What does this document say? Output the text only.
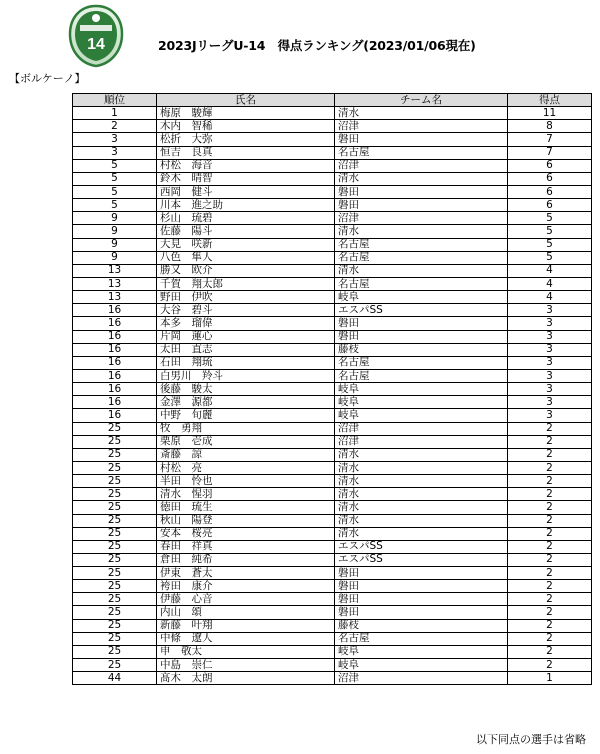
14	2023JリーグU-14　得点ランキング(2023/01/06現在)
【ボルケーノ】
順位	氏名	チーム名	得点
1	梅原　駿輝	清水	11
2	木内　智稀	沼津	8
3	松折　大弥	磐田	7
3	恒吉　良真	名古屋	7
5	村松　海音	沼津	6
5	鈴木　晴智	清水	6
5	西岡　健斗	磐田	6
5	川本　進之助	磐田	6
9	杉山　琉碧	沼津	5
9	佐藤　陽斗	清水	5
9	大見　咲新	名古屋	5
9	八色　隼人	名古屋	5
13	勝又　欧介	清水	4
13	千賀　翔太郎	名古屋	4
13	野田　伊吹	岐阜	4
16	大谷　碧斗	エスパSS	3
16	本多　瑠偉	磐田	3
16	片岡　蓮心	磐田	3
16	太田　直志	藤枝	3
16	石田　翔琉	名古屋	3
16	白男川　羚斗	名古屋	3
16	後藤　駿太	岐阜	3
16	金澤　源都	岐阜	3
16	中野　旬麗	岐阜	3
25	牧　勇翔	沼津	2
25	栗原　壱成	沼津	2
25	斎藤　諒	清水	2
25	村松　亮	清水	2
25	半田　怜也	清水	2
25	清水　惺羽	清水	2
25	徳田　琉生	清水	2
25	秋山　陽登	清水	2
25	安本　桜亮	清水	2
25	春田　祥真	エスパSS	2
25	倉田　純希	エスパSS	2
25	伊東　蒼太	磐田	2
25	袴田　康介	磐田	2
25	伊藤　心音	磐田	2
25	内山　頌	磐田	2
25	新藤　叶翔	藤枝	2
25	中條　遼人	名古屋	2
25	申　敬太	岐阜	2
25	中島　崇仁	岐阜	2
44	髙木　太朗	沼津	1
以下同点の選手は省略
